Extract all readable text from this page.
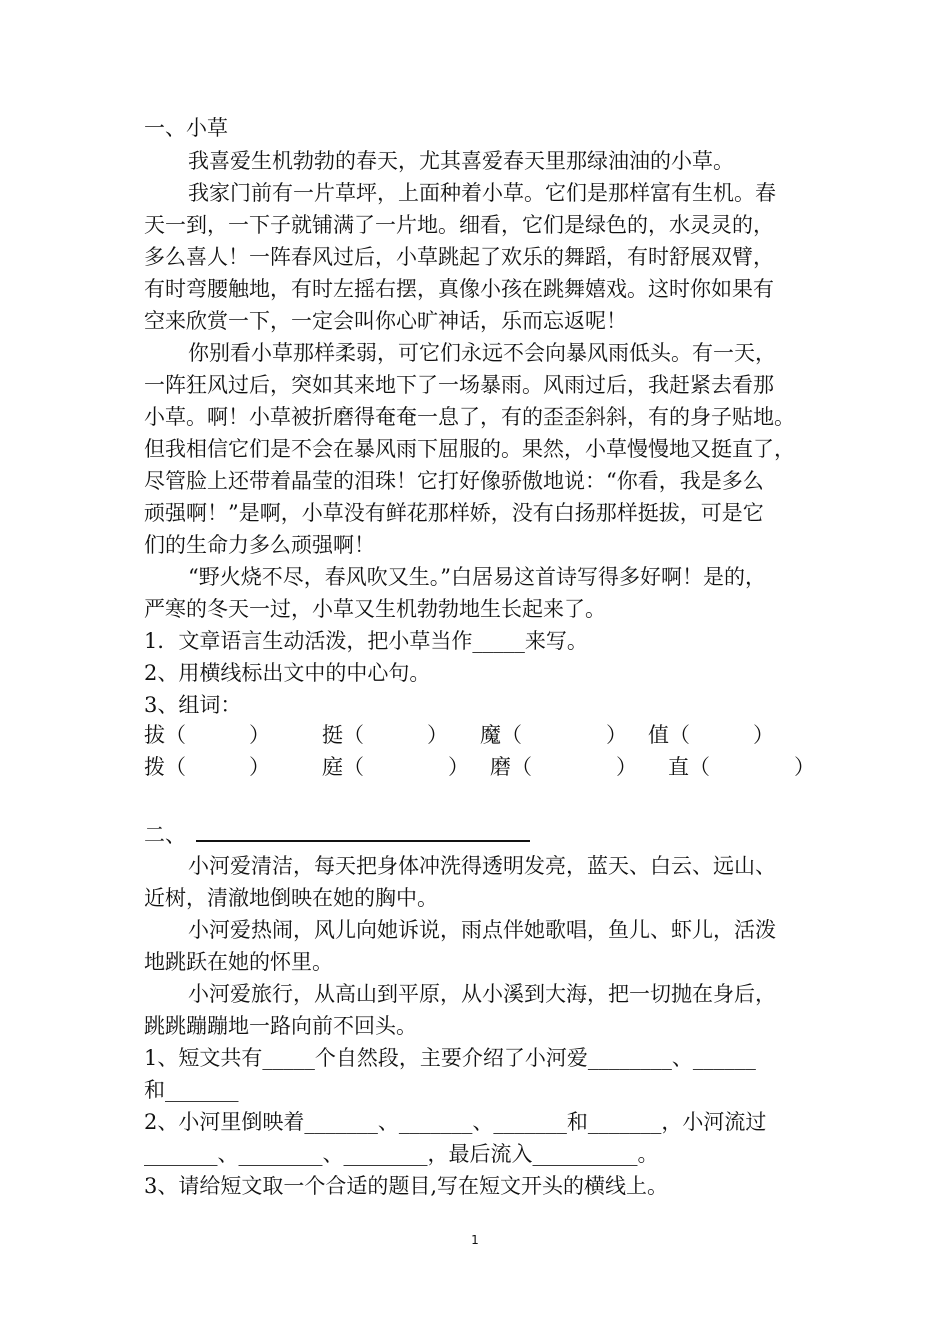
一、小草
我喜爱生机勃勃的春天，尤其喜爱春天里那绿油油的小草。
我家门前有一片草坪，上面种着小草。它们是那样富有生机。春
天一到，一下子就铺满了一片地。细看，它们是绿色的，水灵灵的，
多么喜人！一阵春风过后，小草跳起了欢乐的舞蹈，有时舒展双臂，
有时弯腰触地，有时左摇右摆，真像小孩在跳舞嬉戏。这时你如果有
空来欣赏一下，一定会叫你心旷神话，乐而忘返呢！
你别看小草那样柔弱，可它们永远不会向暴风雨低头。有一天，
一阵狂风过后，突如其来地下了一场暴雨。风雨过后，我赶紧去看那
小草。啊！小草被折磨得奄奄一息了，有的歪歪斜斜，有的身子贴地。
但我相信它们是不会在暴风雨下屈服的。果然，小草慢慢地又挺直了，
尽管脸上还带着晶莹的泪珠！它打好像骄傲地说：“你看，我是多么
顽强啊！”是啊，小草没有鲜花那样娇，没有白扬那样挺拔，可是它
们的生命力多么顽强啊！
“野火烧不尽，春风吹又生。”白居易这首诗写得多好啊！是的，
严寒的冬天一过，小草又生机勃勃地生长起来了。
1．文章语言生动活泼，把小草当作_____来写。
2、用横线标出文中的中心句。
3、组词：
拔（　　　） 挺（　　　） 魔（　　　　） 值（　　　）
拨（　　　） 庭（　　　　） 磨（　　　　） 直（　　　　）
二、
小河爱清洁，每天把身体冲洗得透明发亮，蓝天、白云、远山、
近树，清澈地倒映在她的胸中。
小河爱热闹，风儿向她诉说，雨点伴她歌唱，鱼儿、虾儿，活泼
地跳跃在她的怀里。
小河爱旅行，从高山到平原，从小溪到大海，把一切抛在身后，
跳跳蹦蹦地一路向前不回头。
1、短文共有_____个自然段，主要介绍了小河爱________、______
和_______
2、小河里倒映着_______、_______、_______和_______，小河流过
_______、________、________，最后流入__________。
3、请给短文取一个合适的题目,写在短文开头的横线上。
1
